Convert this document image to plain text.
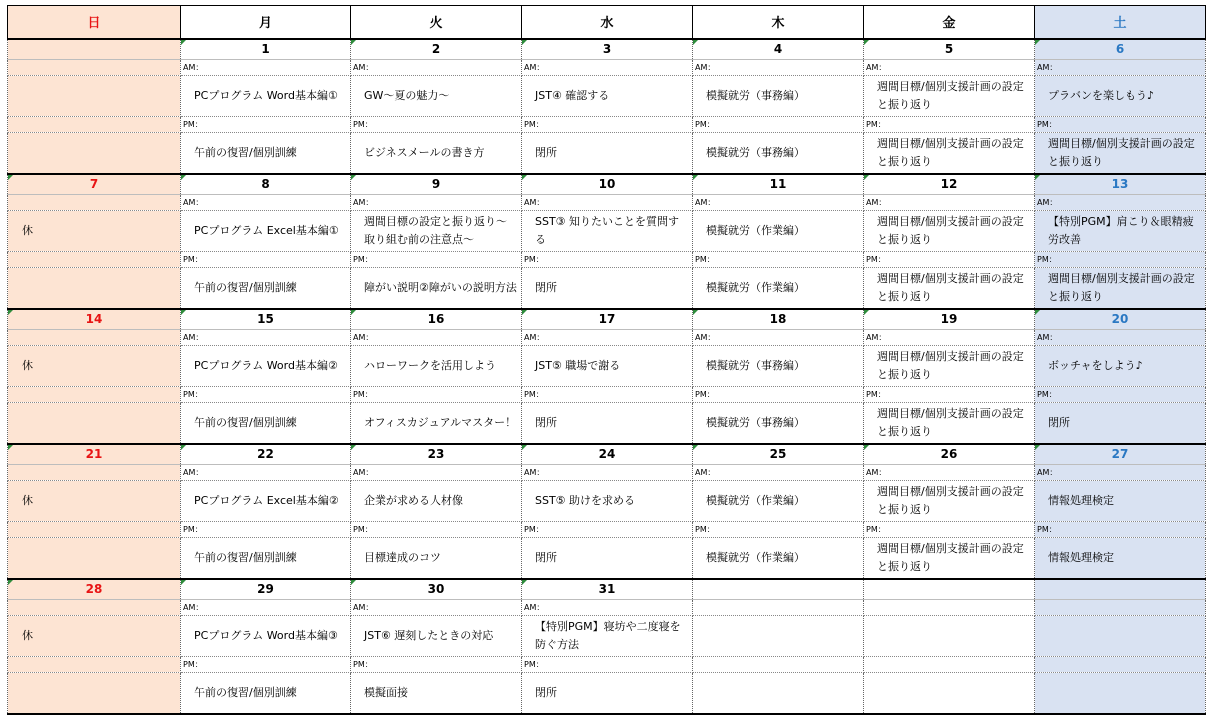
日	月	火	水	木	金	土
	1	2	3	4	5	6
	AM：	AM：	AM：	AM：	AM：	AM：
	PCプログラム Word基本編①	GW～夏の魅力～	JST④ 確認する	模擬就労（事務編）	週間目標/個別支援計画の設定と振り返り	プラバンを楽しもう♪
	PM：	PM：	PM：	PM：	PM：	PM：
	午前の復習/個別訓練	ビジネスメールの書き方	閉所	模擬就労（事務編）	週間目標/個別支援計画の設定と振り返り	週間目標/個別支援計画の設定と振り返り
7	8	9	10	11	12	13
	AM：	AM：	AM：	AM：	AM：	AM：
休	PCプログラム Excel基本編①	週間目標の設定と振り返り～取り組む前の注意点～	SST③ 知りたいことを質問する	模擬就労（作業編）	週間目標/個別支援計画の設定と振り返り	【特別PGM】肩こり＆眼精疲労改善
	PM：	PM：	PM：	PM：	PM：	PM：
	午前の復習/個別訓練	障がい説明②障がいの説明方法	閉所	模擬就労（作業編）	週間目標/個別支援計画の設定と振り返り	週間目標/個別支援計画の設定と振り返り
14	15	16	17	18	19	20
	AM：	AM：	AM：	AM：	AM：	AM：
休	PCプログラム Word基本編②	ハローワークを活用しよう	JST⑤ 職場で謝る	模擬就労（事務編）	週間目標/個別支援計画の設定と振り返り	ボッチャをしよう♪
	PM：	PM：	PM：	PM：	PM：	PM：
	午前の復習/個別訓練	オフィスカジュアルマスター！	閉所	模擬就労（事務編）	週間目標/個別支援計画の設定と振り返り	閉所
21	22	23	24	25	26	27
	AM：	AM：	AM：	AM：	AM：	AM：
休	PCプログラム Excel基本編②	企業が求める人材像	SST⑤ 助けを求める	模擬就労（作業編）	週間目標/個別支援計画の設定と振り返り	情報処理検定
	PM：	PM：	PM：	PM：	PM：	PM：
	午前の復習/個別訓練	目標達成のコツ	閉所	模擬就労（作業編）	週間目標/個別支援計画の設定と振り返り	情報処理検定
28	29	30	31			
	AM：	AM：	AM：			
休	PCプログラム Word基本編③	JST⑥ 遅刻したときの対応	【特別PGM】寝坊や二度寝を防ぐ方法			
	PM：	PM：	PM：			
	午前の復習/個別訓練	模擬面接	閉所			
